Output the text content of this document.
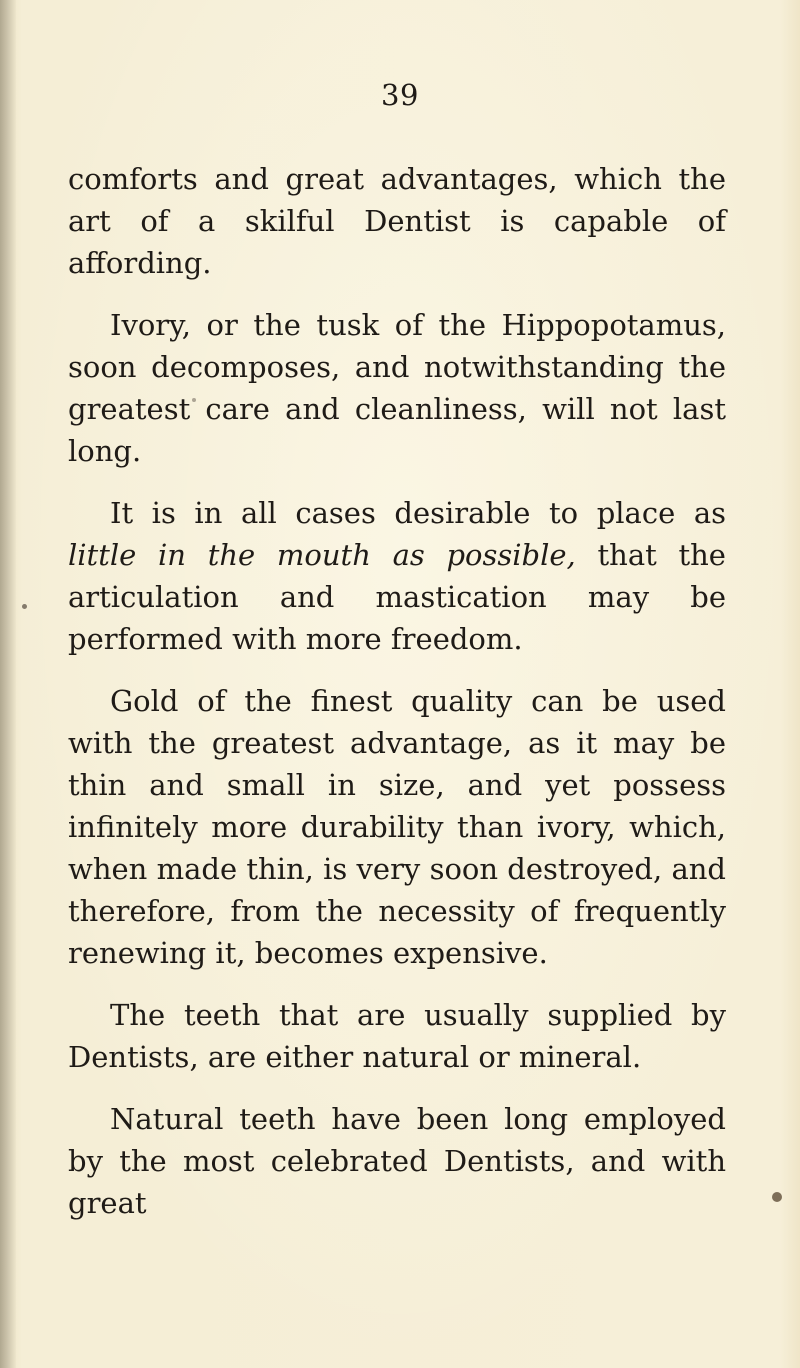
39

comforts and great advantages, which the art of a skilful Dentist is capable of affording.

Ivory, or the tusk of the Hippopotamus, soon decomposes, and notwithstanding the greatest care and cleanliness, will not last long.

It is in all cases desirable to place as little in the mouth as possible, that the articulation and mastication may be performed with more freedom.

Gold of the finest quality can be used with the greatest advantage, as it may be thin and small in size, and yet possess infinitely more durability than ivory, which, when made thin, is very soon destroyed, and therefore, from the necessity of frequently renewing it, becomes expensive.

The teeth that are usually supplied by Dentists, are either natural or mineral.

Natural teeth have been long employed by the most celebrated Dentists, and with great
